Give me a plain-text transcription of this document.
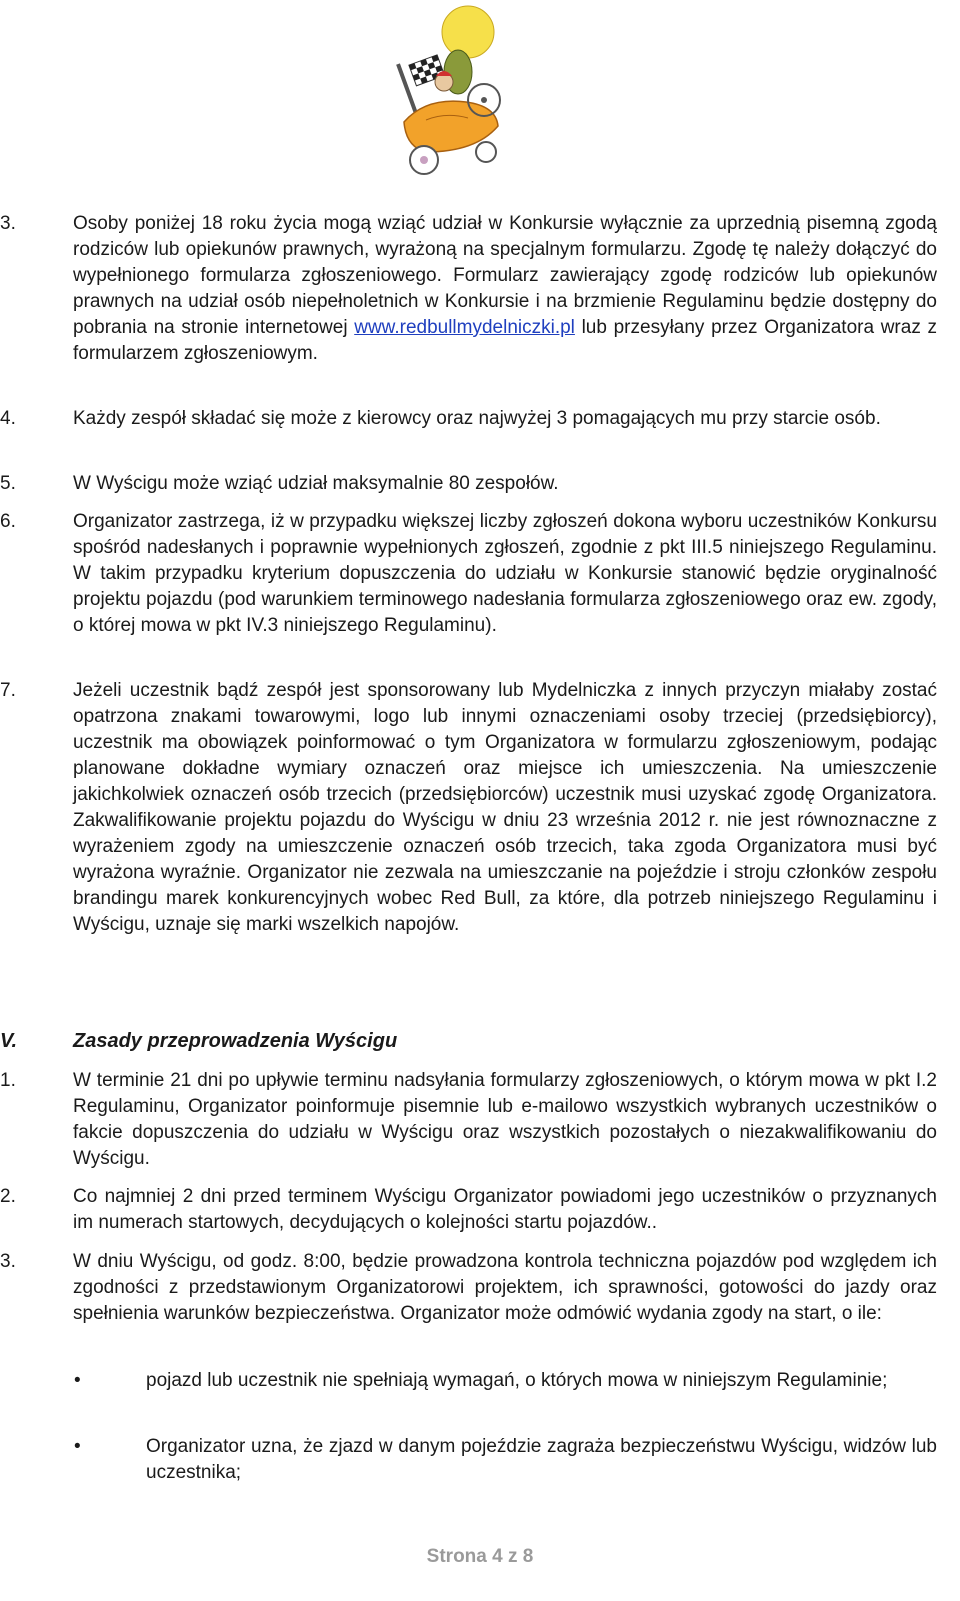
3.	Osoby poniżej 18 roku życia mogą wziąć udział w Konkursie wyłącznie za uprzednią pisemną zgodą rodziców lub opiekunów prawnych, wyrażoną na specjalnym formularzu. Zgodę tę należy dołączyć do wypełnionego formularza zgłoszeniowego. Formularz zawierający zgodę rodziców lub opiekunów prawnych na udział osób niepełnoletnich w Konkursie i na brzmienie Regulaminu będzie dostępny do pobrania na stronie internetowej www.redbullmydelniczki.pl lub przesyłany przez Organizatora wraz z formularzem zgłoszeniowym.
4.	Każdy zespół składać się może z kierowcy oraz najwyżej 3 pomagających mu przy starcie osób.
5.	W Wyścigu może wziąć udział maksymalnie 80 zespołów.
6.	Organizator zastrzega, iż w przypadku większej liczby zgłoszeń dokona wyboru uczestników Konkursu spośród nadesłanych i poprawnie wypełnionych zgłoszeń, zgodnie z pkt III.5 niniejszego Regulaminu. W takim przypadku kryterium dopuszczenia do udziału w Konkursie stanowić będzie oryginalność projektu pojazdu (pod warunkiem terminowego nadesłania formularza zgłoszeniowego oraz ew. zgody, o której mowa w pkt IV.3 niniejszego Regulaminu).
7.	Jeżeli uczestnik bądź zespół jest sponsorowany lub Mydelniczka z innych przyczyn miałaby zostać opatrzona znakami towarowymi, logo lub innymi oznaczeniami osoby trzeciej (przedsiębiorcy), uczestnik ma obowiązek poinformować o tym Organizatora w formularzu zgłoszeniowym, podając planowane dokładne wymiary oznaczeń oraz miejsce ich umieszczenia. Na umieszczenie jakichkolwiek oznaczeń osób trzecich (przedsiębiorców) uczestnik musi uzyskać zgodę Organizatora. Zakwalifikowanie projektu pojazdu do Wyścigu w dniu 23 września 2012 r. nie jest równoznaczne z wyrażeniem zgody na umieszczenie oznaczeń osób trzecich, taka zgoda Organizatora musi być wyrażona wyraźnie. Organizator nie zezwala na umieszczanie na pojeździe i stroju członków zespołu brandingu marek konkurencyjnych wobec Red Bull, za które, dla potrzeb niniejszego Regulaminu i Wyścigu, uznaje się marki wszelkich napojów.
V.	Zasady przeprowadzenia Wyścigu
1.	W terminie 21 dni po upływie terminu nadsyłania formularzy zgłoszeniowych, o którym mowa w pkt I.2 Regulaminu, Organizator poinformuje pisemnie lub e-mailowo wszystkich wybranych uczestników o fakcie dopuszczenia do udziału w Wyścigu oraz wszystkich pozostałych o niezakwalifikowaniu do Wyścigu.
2.	Co najmniej 2 dni przed terminem Wyścigu Organizator powiadomi jego uczestników o przyznanych im numerach startowych, decydujących o kolejności startu pojazdów..
3.	W dniu Wyścigu, od godz. 8:00, będzie prowadzona kontrola techniczna pojazdów pod względem ich zgodności z przedstawionym Organizatorowi projektem, ich sprawności, gotowości do jazdy oraz spełnienia warunków bezpieczeństwa. Organizator może odmówić wydania zgody na start, o ile:
•	pojazd lub uczestnik nie spełniają wymagań, o których mowa w niniejszym Regulaminie;
•	Organizator uzna, że zjazd w danym pojeździe zagraża bezpieczeństwu Wyścigu, widzów lub uczestnika;
Strona 4 z 8
